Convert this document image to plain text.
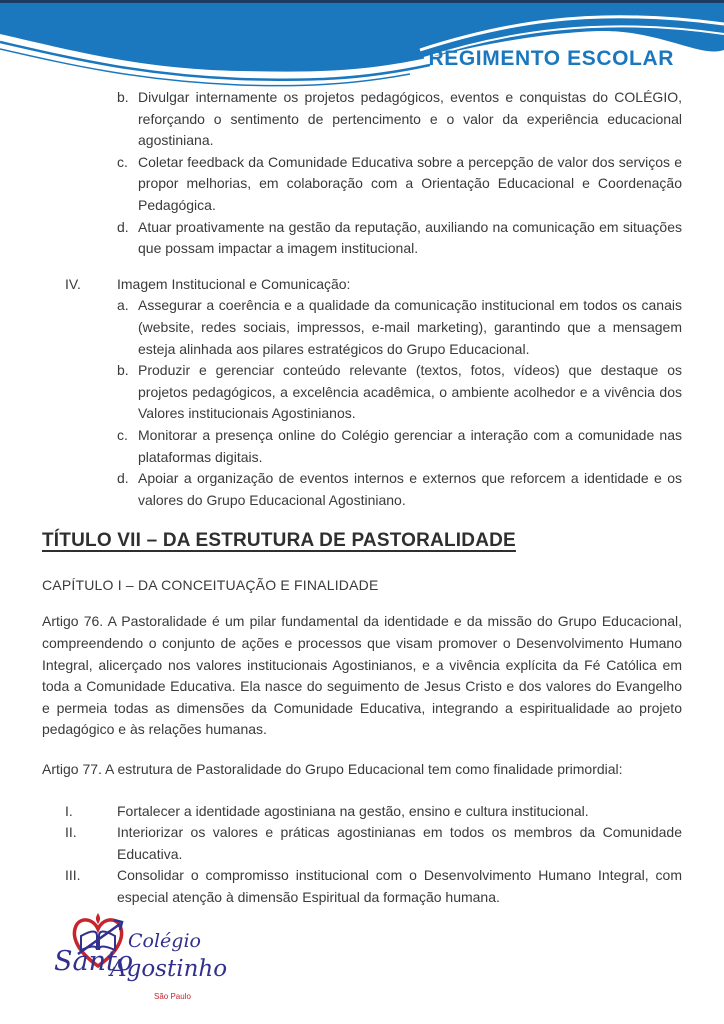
REGIMENTO ESCOLAR
b. Divulgar internamente os projetos pedagógicos, eventos e conquistas do COLÉGIO, reforçando o sentimento de pertencimento e o valor da experiência educacional agostiniana.
c. Coletar feedback da Comunidade Educativa sobre a percepção de valor dos serviços e propor melhorias, em colaboração com a Orientação Educacional e Coordenação Pedagógica.
d. Atuar proativamente na gestão da reputação, auxiliando na comunicação em situações que possam impactar a imagem institucional.
IV.	Imagem Institucional e Comunicação:
a. Assegurar a coerência e a qualidade da comunicação institucional em todos os canais (website, redes sociais, impressos, e-mail marketing), garantindo que a mensagem esteja alinhada aos pilares estratégicos do Grupo Educacional.
b. Produzir e gerenciar conteúdo relevante (textos, fotos, vídeos) que destaque os projetos pedagógicos, a excelência acadêmica, o ambiente acolhedor e a vivência dos Valores institucionais Agostinianos.
c. Monitorar a presença online do Colégio gerenciar a interação com a comunidade nas plataformas digitais.
d. Apoiar a organização de eventos internos e externos que reforcem a identidade e os valores do Grupo Educacional Agostiniano.
TÍTULO VII – DA ESTRUTURA DE PASTORALIDADE
CAPÍTULO I – DA CONCEITUAÇÃO E FINALIDADE

Artigo 76. A Pastoralidade é um pilar fundamental da identidade e da missão do Grupo Educacional, compreendendo o conjunto de ações e processos que visam promover o Desenvolvimento Humano Integral, alicerçado nos valores institucionais Agostinianos, e a vivência explícita da Fé Católica em toda a Comunidade Educativa. Ela nasce do seguimento de Jesus Cristo e dos valores do Evangelho e permeia todas as dimensões da Comunidade Educativa, integrando a espiritualidade ao projeto pedagógico e às relações humanas.

Artigo 77. A estrutura de Pastoralidade do Grupo Educacional tem como finalidade primordial:

I.	Fortalecer a identidade agostiniana na gestão, ensino e cultura institucional.
II.	Interiorizar os valores e práticas agostinianas em todos os membros da Comunidade Educativa.
III.	Consolidar o compromisso institucional com o Desenvolvimento Humano Integral, com especial atenção à dimensão Espiritual da formação humana.
Colégio
Santo
Agostinho
São Paulo
Praça Santo Agostinho, 79 • Aclimação/SP
(11) 3388-2588 • www.csa.osa.org.br
P.34
